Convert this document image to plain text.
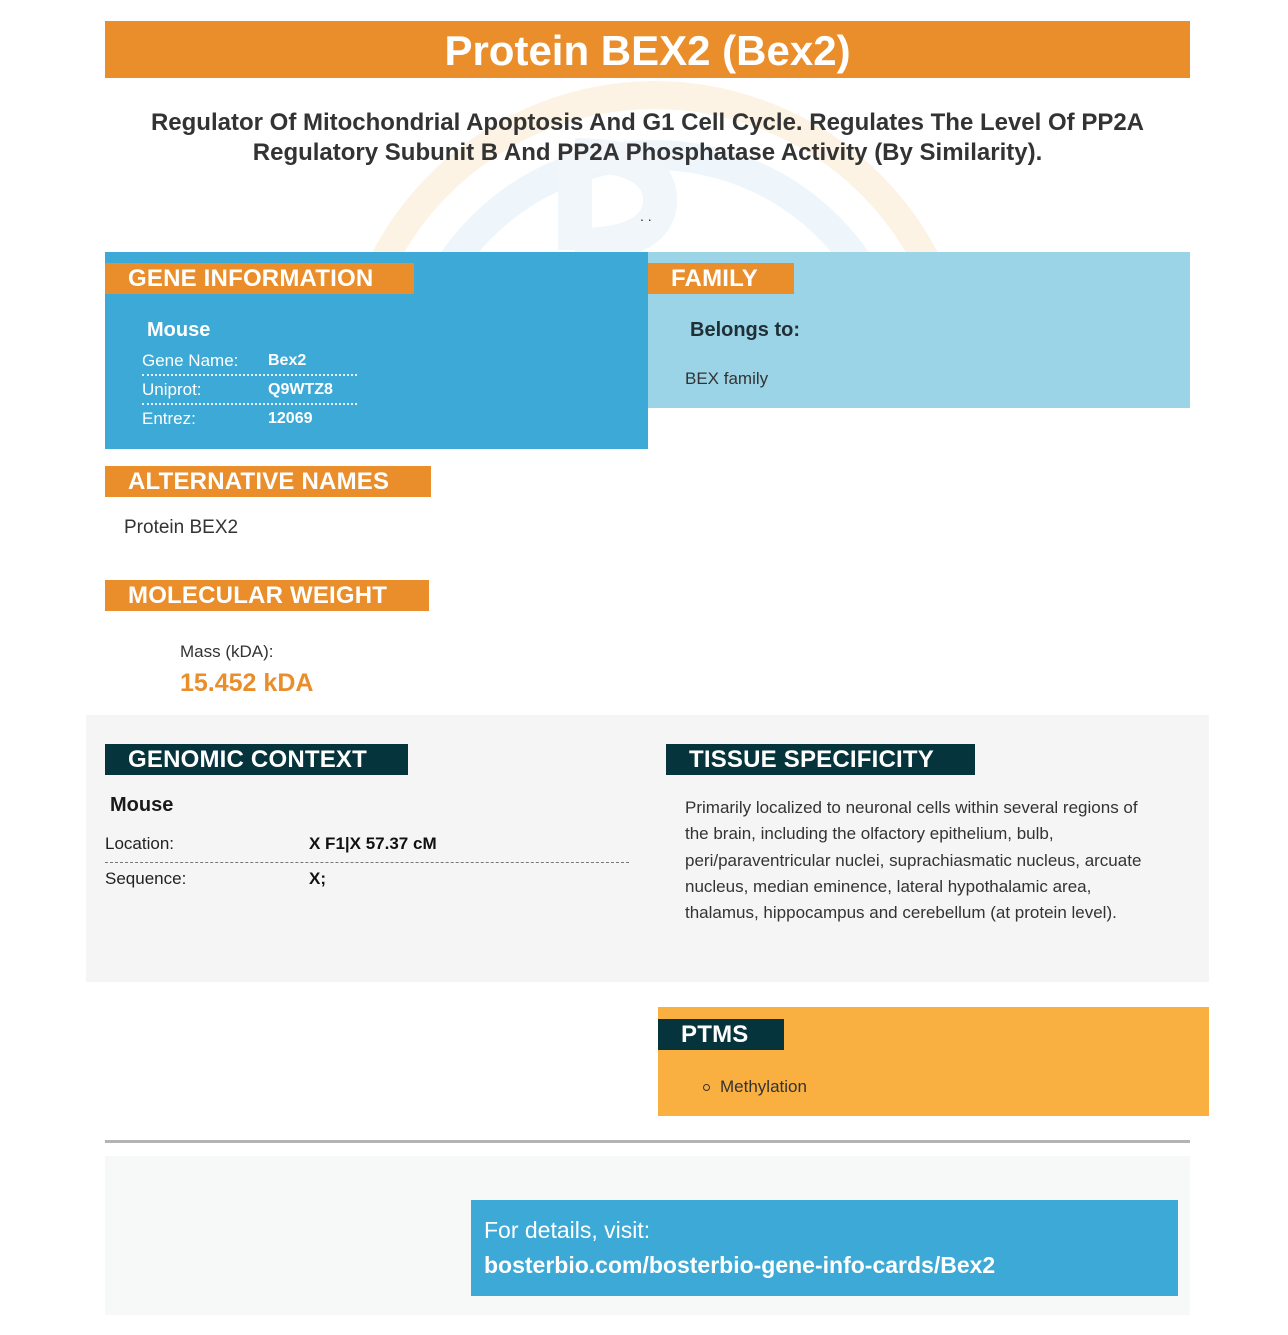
Protein BEX2 (Bex2)
Regulator Of Mitochondrial Apoptosis And G1 Cell Cycle. Regulates The Level Of PP2A Regulatory Subunit B And PP2A Phosphatase Activity (By Similarity).
. .
GENE INFORMATION
Mouse
Gene Name:	Bex2
Uniprot:	Q9WTZ8
Entrez:	12069
FAMILY
Belongs to:
BEX family
ALTERNATIVE NAMES
Protein BEX2
MOLECULAR WEIGHT
Mass (kDA):
15.452 kDA
GENOMIC CONTEXT
Mouse
Location:	X F1|X 57.37 cM
Sequence:	X;
TISSUE SPECIFICITY
Primarily localized to neuronal cells within several regions of the brain, including the olfactory epithelium, bulb, peri/paraventricular nuclei, suprachiasmatic nucleus, arcuate nucleus, median eminence, lateral hypothalamic area, thalamus, hippocampus and cerebellum (at protein level).
PTMS
Methylation
For details, visit:
bosterbio.com/bosterbio-gene-info-cards/Bex2
